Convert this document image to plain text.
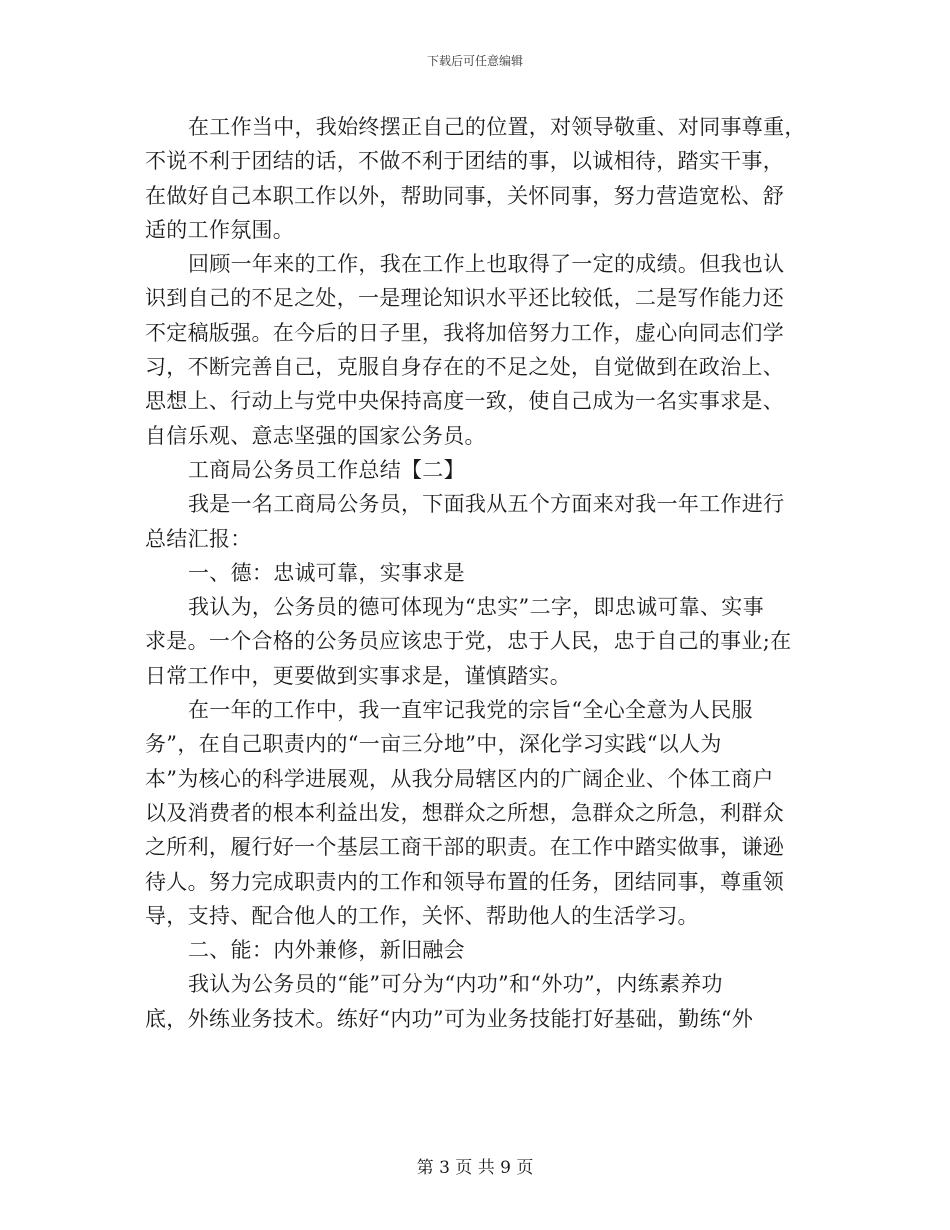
下载后可任意编辑
在工作当中，我始终摆正自己的位置，对领导敬重、对同事尊重，
不说不利于团结的话，不做不利于团结的事，以诚相待，踏实干事，
在做好自己本职工作以外，帮助同事，关怀同事，努力营造宽松、舒
适的工作氛围。
回顾一年来的工作，我在工作上也取得了一定的成绩。但我也认
识到自己的不足之处，一是理论知识水平还比较低，二是写作能力还
不定稿版强。在今后的日子里，我将加倍努力工作，虚心向同志们学
习，不断完善自己，克服自身存在的不足之处，自觉做到在政治上、
思想上、行动上与党中央保持高度一致，使自己成为一名实事求是、
自信乐观、意志坚强的国家公务员。
工商局公务员工作总结【二】
我是一名工商局公务员，下面我从五个方面来对我一年工作进行
总结汇报：
一、德：忠诚可靠，实事求是
我认为，公务员的德可体现为“忠实”二字，即忠诚可靠、实事
求是。一个合格的公务员应该忠于党，忠于人民，忠于自己的事业;在
日常工作中，更要做到实事求是，谨慎踏实。
在一年的工作中，我一直牢记我党的宗旨“全心全意为人民服
务”，在自己职责内的“一亩三分地”中，深化学习实践“以人为
本”为核心的科学进展观，从我分局辖区内的广阔企业、个体工商户
以及消费者的根本利益出发，想群众之所想，急群众之所急，利群众
之所利，履行好一个基层工商干部的职责。在工作中踏实做事，谦逊
待人。努力完成职责内的工作和领导布置的任务，团结同事，尊重领
导，支持、配合他人的工作，关怀、帮助他人的生活学习。
二、能：内外兼修，新旧融会
我认为公务员的“能”可分为“内功”和“外功”，内练素养功
底，外练业务技术。练好“内功”可为业务技能打好基础，勤练“外
第 3 页 共 9 页
